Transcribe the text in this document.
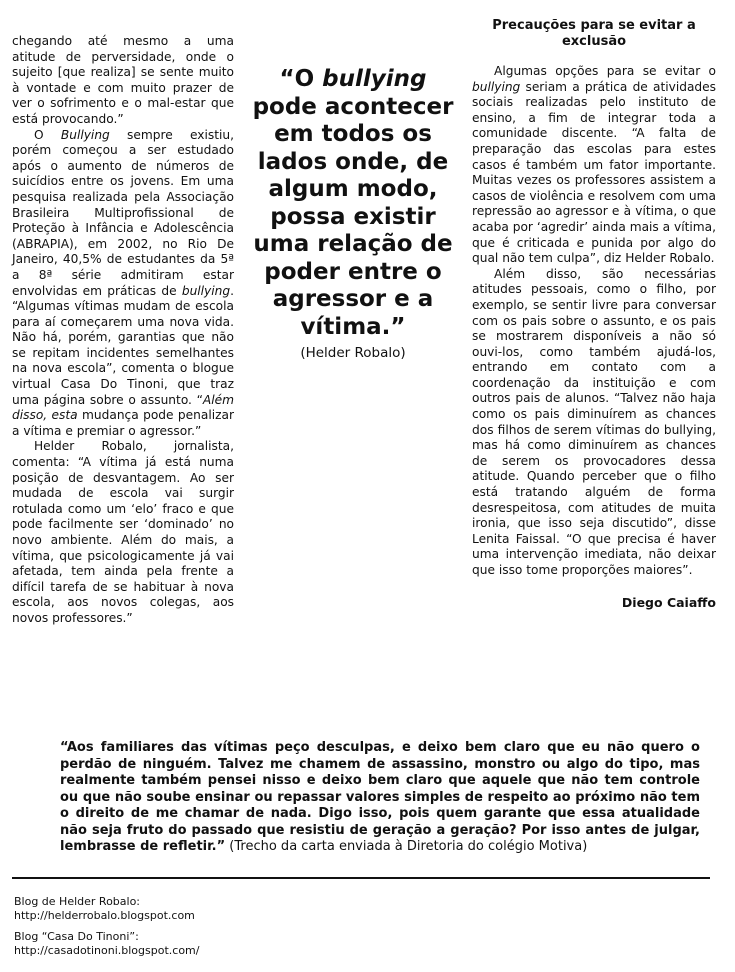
chegando até mesmo a uma atitude de perversidade, onde o sujeito [que realiza] se sente muito à vontade e com muito prazer de ver o sofrimento e o mal-estar que está provocando.”

O Bullying sempre existiu, porém começou a ser estudado após o aumento de números de suicídios entre os jovens. Em uma pesquisa realizada pela Associação Brasileira Multiprofissional de Proteção à Infância e Adolescência (ABRAPIA), em 2002, no Rio De Janeiro, 40,5% de estudantes da 5ª a 8ª série admitiram estar envolvidas em práticas de bullying. “Algumas vítimas mudam de escola para aí começarem uma nova vida. Não há, porém, garantias que não se repitam incidentes semelhantes na nova escola”, comenta o blogue virtual Casa Do Tinoni, que traz uma página sobre o assunto. “Além disso, esta mudança pode penalizar a vítima e premiar o agressor.”

Helder Robalo, jornalista, comenta: “A vítima já está numa posição de desvantagem. Ao ser mudada de escola vai surgir rotulada como um ‘elo’ fraco e que pode facilmente ser ‘dominado’ no novo ambiente. Além do mais, a vítima, que psicologicamente já vai afetada, tem ainda pela frente a difícil tarefa de se habituar à nova escola, aos novos colegas, aos novos professores.”

“O bullying pode acontecer em todos os lados onde, de algum modo, possa existir uma relação de poder entre o agressor e a vítima.”
(Helder Robalo)
Precauções para se evitar a exclusão

Algumas opções para se evitar o bullying seriam a prática de atividades sociais realizadas pelo instituto de ensino, a fim de integrar toda a comunidade discente. “A falta de preparação das escolas para estes casos é também um fator importante. Muitas vezes os professores assistem a casos de violência e resolvem com uma repressão ao agressor e à vítima, o que acaba por ‘agredir’ ainda mais a vítima, que é criticada e punida por algo do qual não tem culpa”, diz Helder Robalo.

Além disso, são necessárias atitudes pessoais, como o filho, por exemplo, se sentir livre para conversar com os pais sobre o assunto, e os pais se mostrarem disponíveis a não só ouvi-los, como também ajudá-los, entrando em contato com a coordenação da instituição e com outros pais de alunos. “Talvez não haja como os pais diminuírem as chances dos filhos de serem vítimas do bullying, mas há como diminuírem as chances de serem os provocadores dessa atitude. Quando perceber que o filho está tratando alguém de forma desrespeitosa, com atitudes de muita ironia, que isso seja discutido”, disse Lenita Faissal. “O que precisa é haver uma intervenção imediata, não deixar que isso tome proporções maiores”.

Diego Caiaffo
“Aos familiares das vítimas peço desculpas, e deixo bem claro que eu não quero o perdão de ninguém. Talvez me chamem de assassino, monstro ou algo do tipo, mas realmente também pensei nisso e deixo bem claro que aquele que não tem controle ou que não soube ensinar ou repassar valores simples de respeito ao próximo não tem o direito de me chamar de nada. Digo isso, pois quem garante que essa atualidade não seja fruto do passado que resistiu de geração a geração? Por isso antes de julgar, lembrasse de refletir.” (Trecho da carta enviada à Diretoria do colégio Motiva)
Blog de Helder Robalo:
http://helderrobalo.blogspot.com
Blog “Casa Do Tinoni”:
http://casadotinoni.blogspot.com/
